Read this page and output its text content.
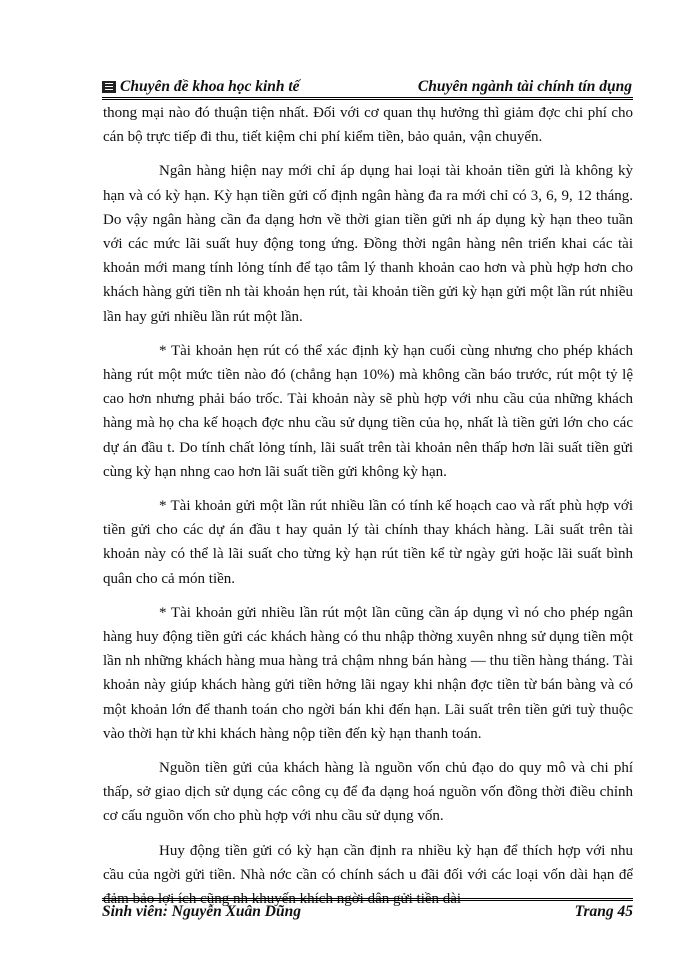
Chuyên đề khoa học kinh tế	Chuyên ngành tài chính tín dụng

thong mại nào đó thuận tiện nhất. Đối với cơ quan thụ hưởng thì giảm đợc chi phí cho cán bộ trực tiếp đi thu, tiết kiệm chi phí kiểm tiền, bảo quản, vận chuyển.

Ngân hàng hiện nay mới chỉ áp dụng hai loại tài khoản tiền gửi là không kỳ hạn và có kỳ hạn. Kỳ hạn tiền gửi cố định ngân hàng đa ra mới chỉ có 3, 6, 9, 12 tháng. Do vậy ngân hàng cần đa dạng hơn về thời gian tiền gửi nh áp dụng kỳ hạn theo tuần với các mức lãi suất huy động tong ứng. Đồng thời ngân hàng nên triển khai các tài khoản mới mang tính lỏng tính để tạo tâm lý thanh khoản cao hơn và phù hợp hơn cho khách hàng gửi tiền nh tài khoản hẹn rút, tài khoản tiền gửi kỳ hạn gửi một lần rút nhiều lần hay gửi nhiều lần rút một lần.

* Tài khoản hẹn rút có thể xác định kỳ hạn cuối cùng nhưng cho phép khách hàng rút một mức tiền nào đó (chẳng hạn 10%) mà không cần báo trước, rút một tỷ lệ cao hơn nhưng phải báo trốc. Tài khoản này sẽ phù hợp với nhu cầu của những khách hàng mà họ cha kế hoạch đợc nhu cầu sử dụng tiền của họ, nhất là tiền gửi lớn cho các dự án đầu t. Do tính chất lỏng tính, lãi suất trên tài khoản nên thấp hơn lãi suất tiền gửi cùng kỳ hạn nhng cao hơn lãi suất tiền gửi không kỳ hạn.

* Tài khoản gửi một lần rút nhiều lần có tính kế hoạch cao và rất phù hợp với tiền gửi cho các dự án đầu t hay quản lý tài chính thay khách hàng. Lãi suất trên tài khoản này có thể là lãi suất cho từng kỳ hạn rút tiền kể từ ngày gửi hoặc lãi suất bình quân cho cả món tiền.

* Tài khoản gửi nhiều lần rút một lần cũng cần áp dụng vì nó cho phép ngân hàng huy động tiền gửi các khách hàng có thu nhập thờng xuyên nhng sử dụng tiền một lần nh những khách hàng mua hàng trả chậm nhng bán hàng — thu tiền hàng tháng. Tài khoản này giúp khách hàng gửi tiền hởng lãi ngay khi nhận đợc tiền từ bán bàng và có một khoản lớn để thanh toán cho ngời bán khi đến hạn. Lãi suất trên tiền gửi tuỳ thuộc vào thời hạn từ khi khách hàng nộp tiền đến kỳ hạn thanh toán.

Nguồn tiền gửi của khách hàng là nguồn vốn chủ đạo do quy mô và chi phí thấp, sở giao dịch sử dụng các công cụ để đa dạng hoá nguồn vốn đồng thời điều chỉnh cơ cấu nguồn vốn cho phù hợp với nhu cầu sử dụng vốn.

Huy động tiền gửi có kỳ hạn cần định ra nhiều kỳ hạn để thích hợp với nhu cầu của ngời gửi tiền. Nhà nớc cần có chính sách u đãi đối với các loại vốn dài hạn để đảm bảo lợi ích cũng nh khuyến khích ngời dân gửi tiền dài

Sinh viên: Nguyễn Xuân Dũng	Trang 45
